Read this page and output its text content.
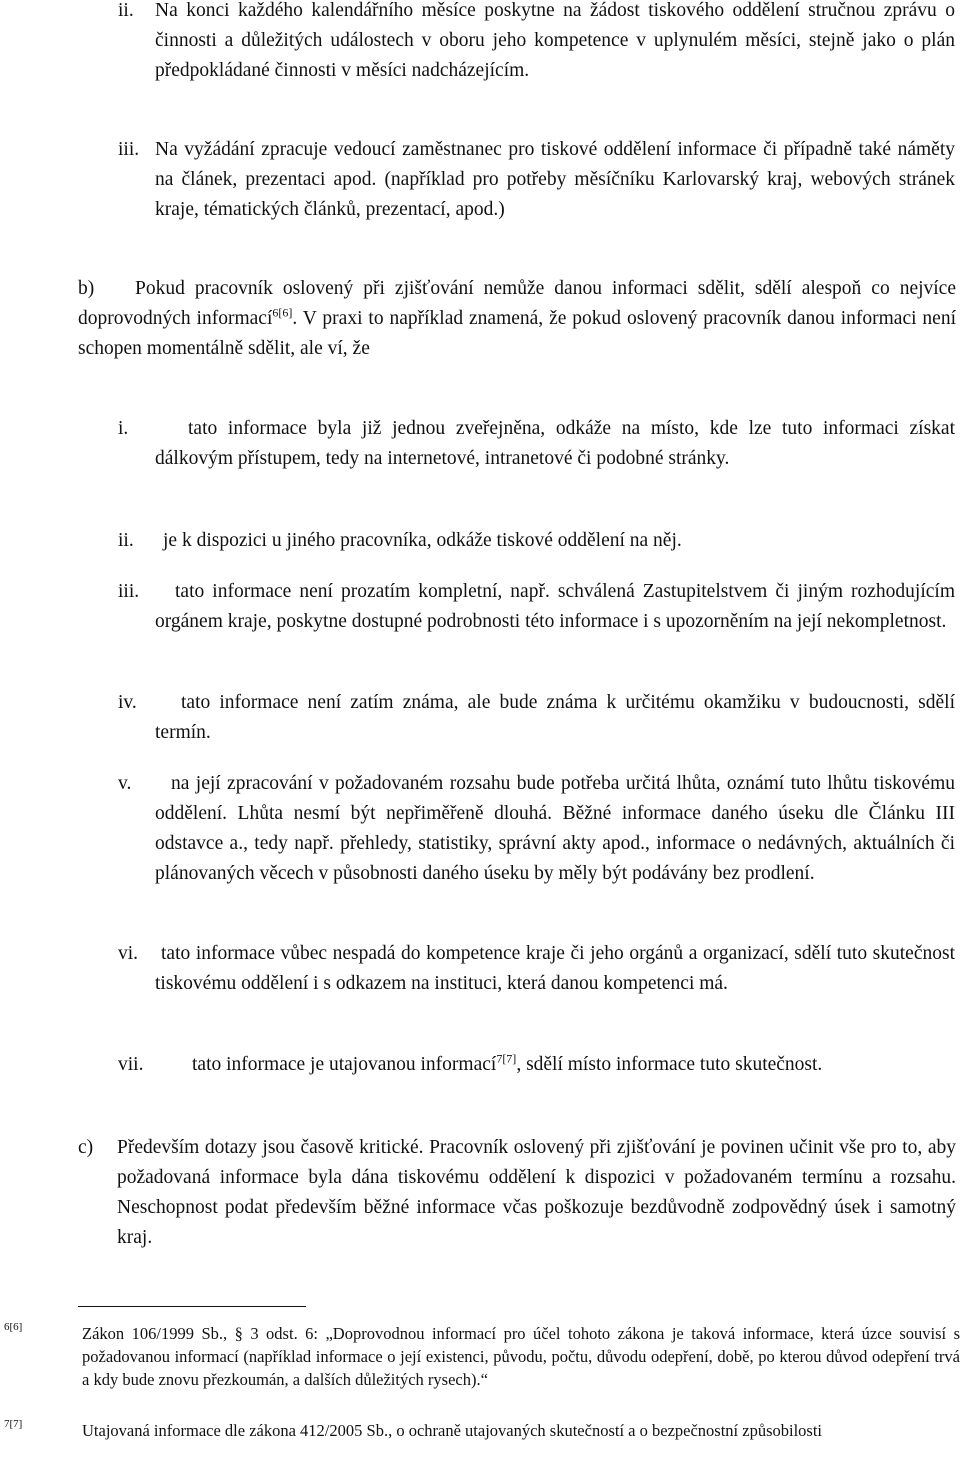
ii. Na konci každého kalendářního měsíce poskytne na žádost tiskového oddělení stručnou zprávu o činnosti a důležitých událostech v oboru jeho kompetence v uplynulém měsíci, stejně jako o plán předpokládané činnosti v měsíci nadcházejícím.
iii. Na vyžádání zpracuje vedoucí zaměstnanec pro tiskové oddělení informace či případně také náměty na článek, prezentaci apod. (například pro potřeby měsíčníku Karlovarský kraj, webových stránek kraje, tématických článků, prezentací, apod.)
b)	Pokud pracovník oslovený při zjišťování nemůže danou informaci sdělit, sdělí alespoň co nejvíce doprovodných informací$^{6[6]}$. V praxi to například znamená, že pokud oslovený pracovník danou informaci není schopen momentálně sdělit, ale ví, že
i.	tato informace byla již jednou zveřejněna, odkáže na místo, kde lze tuto informaci získat dálkovým přístupem, tedy na internetové, intranetové či podobné stránky.
ii.	je k dispozici u jiného pracovníka, odkáže tiskové oddělení na něj.
iii.	tato informace není prozatím kompletní, např. schválená Zastupitelstvem či jiným rozhodujícím orgánem kraje, poskytne dostupné podrobnosti této informace i s upozorněním na její nekompletnost.
iv.	tato informace není zatím známa, ale bude známa k určitému okamžiku v budoucnosti, sdělí termín.
v.	na její zpracování v požadovaném rozsahu bude potřeba určitá lhůta, oznámí tuto lhůtu tiskovému oddělení. Lhůta nesmí být nepřiměřeně dlouhá. Běžné informace daného úseku dle Článku III odstavce a., tedy např. přehledy, statistiky, správní akty apod., informace o nedávných, aktuálních či plánovaných věcech v působnosti daného úseku by měly být podávány bez prodlení.
vi.	tato informace vůbec nespadá do kompetence kraje či jeho orgánů a organizací, sdělí tuto skutečnost tiskovému oddělení i s odkazem na instituci, která danou kompetenci má.
vii.	tato informace je utajovanou informací$^{7[7]}$, sdělí místo informace tuto skutečnost.
c) Především dotazy jsou časově kritické. Pracovník oslovený při zjišťování je povinen učinit vše pro to, aby požadovaná informace byla dána tiskovému oddělení k dispozici v požadovaném termínu a rozsahu. Neschopnost podat především běžné informace včas poškozuje bezdůvodně zodpovědný úsek i samotný kraj.
6[6]	Zákon 106/1999 Sb., § 3 odst. 6: „Doprovodnou informací pro účel tohoto zákona je taková informace, která úzce souvisí s požadovanou informací (například informace o její existenci, původu, počtu, důvodu odepření, době, po kterou důvod odepření trvá a kdy bude znovu přezkoumán, a dalších důležitých rysech).“
7[7]	Utajovaná informace dle zákona 412/2005 Sb., o ochraně utajovaných skutečností a o bezpečnostní způsobilosti
